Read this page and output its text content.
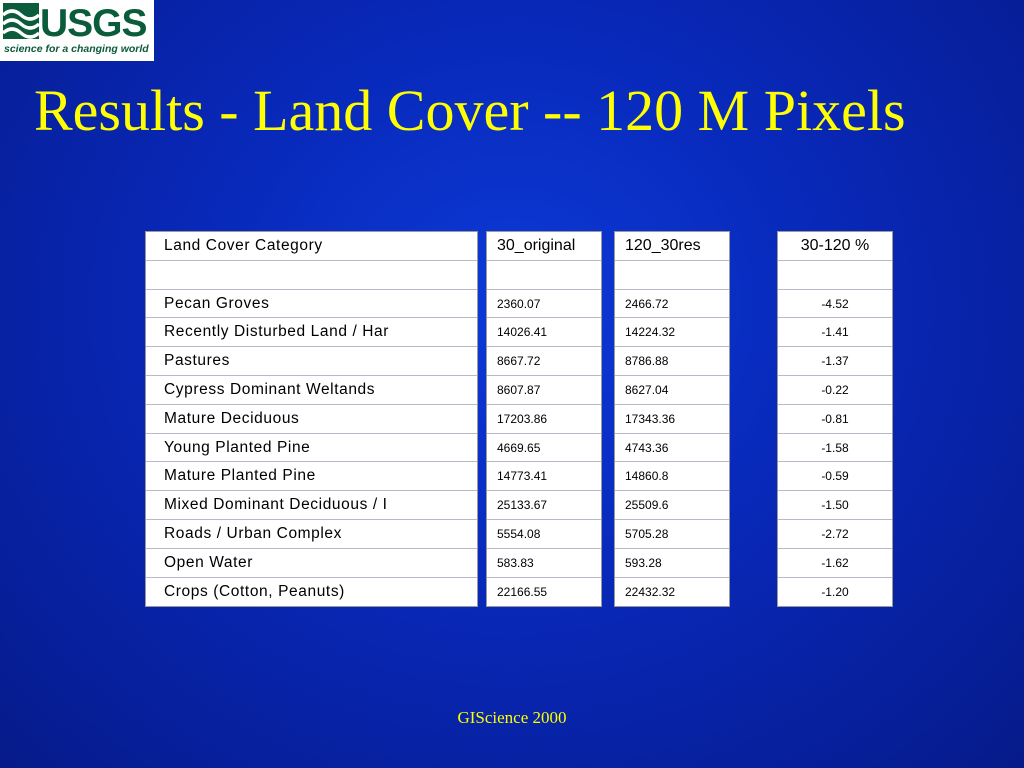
USGS
science for a changing world
Results - Land Cover -- 120 M Pixels
Land Cover Category
Pecan Groves
Recently Disturbed Land / Har
Pastures
Cypress Dominant Weltands
Mature Deciduous
Young Planted Pine
Mature Planted Pine
Mixed Dominant Deciduous / I
Roads / Urban Complex
Open Water
Crops (Cotton, Peanuts)
30_original
2360.07
14026.41
8667.72
8607.87
17203.86
4669.65
14773.41
25133.67
5554.08
583.83
22166.55
120_30res
2466.72
14224.32
8786.88
8627.04
17343.36
4743.36
14860.8
25509.6
5705.28
593.28
22432.32
30-120 %
-4.52
-1.41
-1.37
-0.22
-0.81
-1.58
-0.59
-1.50
-2.72
-1.62
-1.20
GIScience 2000
